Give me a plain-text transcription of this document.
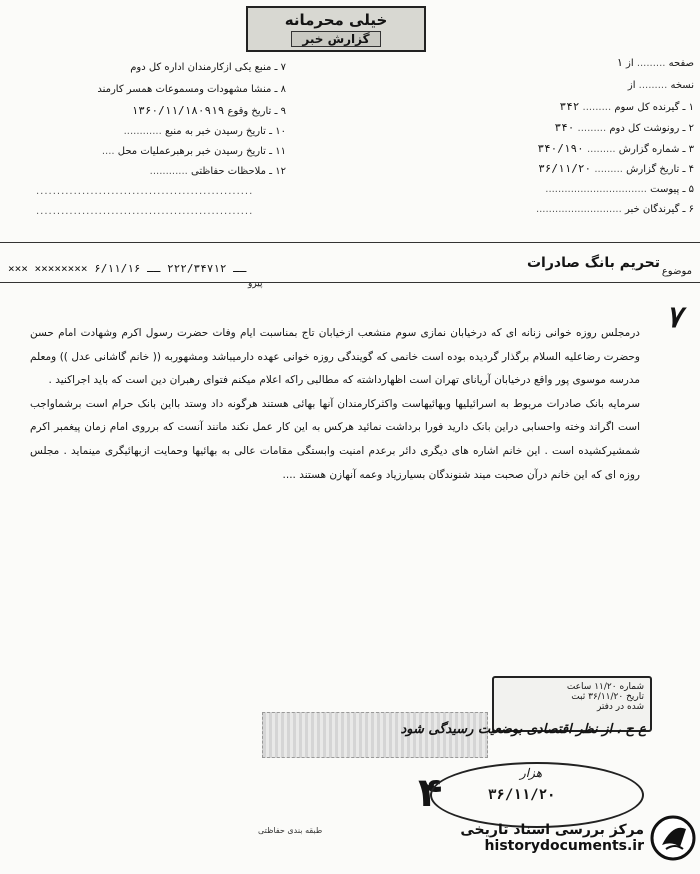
خیلی محرمانه
گزارش خبر
صفحه ......... از ۱
نسخه ......... از
۱ ـ گیرنده کل سوم ......... ۳۴۲
۲ ـ رونوشت کل دوم ......... ۳۴۰
۳ ـ شماره گزارش ......... ۳۴۰/۱۹۰
۴ ـ تاریخ گزارش ......... ۳۶/۱۱/۲۰
۵ ـ پیوست ................................
۶ ـ گیرندگان خبر ...........................
۷ ـ منبع یکی ازکارمندان اداره کل دوم
۸ ـ منشا مشهودات ومسموعات همسر کارمند
۹ ـ تاریخ وقوع ۱۳۶۰/۱۱/۱۸۰۹۱۹
۱۰ ـ تاریخ رسیدن خبر به منبع ............
۱۱ ـ تاریخ رسیدن خبر برهبرعملیات محل ....
۱۲ ـ ملاحظات حفاظتی ............
....................................................
....................................................
موضوع
تحریم بانگ صادرات
××× ×××××××× ــ ۲۲۲/۳۴۷۱۲ ــ ۶/۱۱/۱۶
پیرو
۷

درمجلس روزه خوانی زنانه ای که درخیابان نمازی سوم منشعب ازخیابان تاج بمناسبت ایام وفات حضرت رسول اکرم وشهادت امام حسن وحضرت رضاعلیه السلام برگذار گردیده بوده است خانمی که گویندگی روزه خوانی عهده دارمیباشد ومشهوربه (( خانم گاشانی عدل )) ومعلم مدرسه موسوی پور واقع درخیابان آریانای تهران است اظهارداشته که مطالبی راکه اعلام میکنم فتوای رهبران دین است که باید اجراکنید .

سرمایه بانک صادرات مربوط به اسرائیلیها وبهائیهاست واکثرکارمندان آنها بهائی هستند هرگونه داد وستد بااین بانک حرام است برشماواجب است اگراند وخته واحسابی دراین بانک دارید فورا برداشت نمائید هرکس به این کار عمل نکند مانند آنست که برروی امام زمان پیغمبر اکرم شمشیرکشیده است . این خانم اشاره های دیگری دائر برعدم امنیت وابستگی مقامات عالی به بهائیها وحمایت ازبهائیگری مینماید . مجلس روزه ای که این خانم درآن صحبت میند شنوندگان بسیارزیاد وعمه آنهازن هستند ....

شماره ۱۱/۲۰ ساعت
تاریخ ۳۶/۱۱/۲۰ ثبت
شده در دفتر
ع ح ، از نظر اقتصادی بوضعیت رسیدگی شود
۴	هزار
۳۶/۱۱/۲۰
طبقه بندی حفاظتی	مرکز بررسی اسناد تاریخی
historydocuments.ir
